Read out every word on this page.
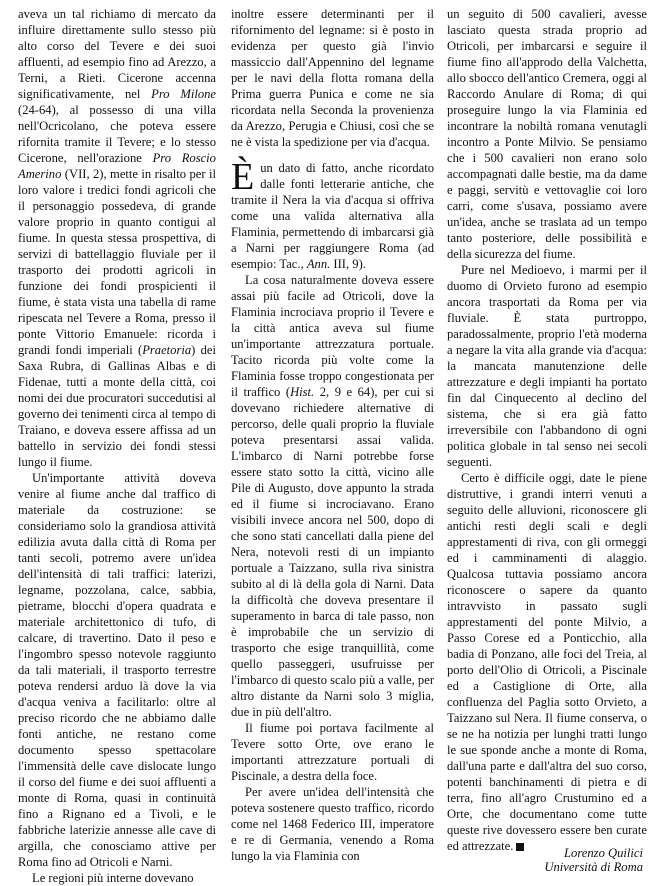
aveva un tal richiamo di mercato da influire direttamente sullo stesso più alto corso del Tevere e dei suoi affluenti, ad esempio fino ad Arezzo, a Terni, a Rieti. Cicerone accenna significativamente, nel Pro Milone (24-64), al possesso di una villa nell'Ocricolano, che poteva essere rifornita tramite il Tevere; e lo stesso Cicerone, nell'orazione Pro Roscio Amerino (VII, 2), mette in risalto per il loro valore i tredici fondi agricoli che il personaggio possedeva, di grande valore proprio in quanto contigui al fiume. In questa stessa prospettiva, di servizi di battellaggio fluviale per il trasporto dei prodotti agricoli in funzione dei fondi prospicienti il fiume, è stata vista una tabella di rame ripescata nel Tevere a Roma, presso il ponte Vittorio Emanuele: ricorda i grandi fondi imperiali (Praetoria) dei Saxa Rubra, di Gallinas Albas e di Fidenae, tutti a monte della città, coi nomi dei due procuratori succedutisi al governo dei tenimenti circa al tempo di Traiano, e doveva essere affissa ad un battello in servizio dei fondi stessi lungo il fiume.

Un'importante attività doveva venire al fiume anche dal traffico di materiale da costruzione: se consideriamo solo la grandiosa attività edilizia avuta dalla città di Roma per tanti secoli, potremo avere un'idea dell'intensità di tali traffici: laterizi, legname, pozzolana, calce, sabbia, pietrame, blocchi d'opera quadrata e materiale architettonico di tufo, di calcare, di travertino. Dato il peso e l'ingombro spesso notevole raggiunto da tali materiali, il trasporto terrestre poteva rendersi arduo là dove la via d'acqua veniva a facilitarlo: oltre al preciso ricordo che ne abbiamo dalle fonti antiche, ne restano come documento spesso spettacolare l'immensità delle cave dislocate lungo il corso del fiume e dei suoi affluenti a monte di Roma, quasi in continuità fino a Rignano ed a Tivoli, e le fabbriche laterizie annesse alle cave di argilla, che conosciamo attive per Roma fino ad Otricoli e Narni.

Le regioni più interne dovevano

inoltre essere determinanti per il rifornimento del legname: si è posto in evidenza per questo già l'invio massiccio dall'Appennino del legname per le navi della flotta romana della Prima guerra Punica e come ne sia ricordata nella Seconda la provenienza da Arezzo, Perugia e Chiusi, così che se ne è vista la spedizione per via d'acqua.

È un dato di fatto, anche ricordato dalle fonti letterarie antiche, che tramite il Nera la via d'acqua si offriva come una valida alternativa alla Flaminia, permettendo di imbarcarsi già a Narni per raggiungere Roma (ad esempio: Tac., Ann. III, 9).

La cosa naturalmente doveva essere assai più facile ad Otricoli, dove la Flaminia incrociava proprio il Tevere e la città antica aveva sul fiume un'importante attrezzatura portuale. Tacito ricorda più volte come la Flaminia fosse troppo congestionata per il traffico (Hist. 2, 9 e 64), per cui si dovevano richiedere alternative di percorso, delle quali proprio la fluviale poteva presentarsi assai valida. L'imbarco di Narni potrebbe forse essere stato sotto la città, vicino alle Pile di Augusto, dove appunto la strada ed il fiume si incrociavano. Erano visibili invece ancora nel 500, dopo di che sono stati cancellati dalla piene del Nera, notevoli resti di un impianto portuale a Taizzano, sulla riva sinistra subito al di là della gola di Narni. Data la difficoltà che doveva presentare il superamento in barca di tale passo, non è improbabile che un servizio di trasporto che esige tranquillità, come quello passeggeri, usufruisse per l'imbarco di questo scalo più a valle, per altro distante da Narni solo 3 miglia, due in più dell'altro.

Il fiume poi portava facilmente al Tevere sotto Orte, ove erano le importanti attrezzature portuali di Piscinale, a destra della foce.

Per avere un'idea dell'intensità che poteva sostenere questo traffico, ricordo come nel 1468 Federico III, imperatore e re di Germania, venendo a Roma lungo la via Flaminia con

un seguito di 500 cavalieri, avesse lasciato questa strada proprio ad Otricoli, per imbarcarsi e seguire il fiume fino all'approdo della Valchetta, allo sbocco dell'antico Cremera, oggi al Raccordo Anulare di Roma; di qui proseguire lungo la via Flaminia ed incontrare la nobiltà romana venutagli incontro a Ponte Milvio. Se pensiamo che i 500 cavalieri non erano solo accompagnati dalle bestie, ma da dame e paggi, servitù e vettovaglie coi loro carri, come s'usava, possiamo avere un'idea, anche se traslata ad un tempo tanto posteriore, delle possibilità e della sicurezza del fiume.

Pure nel Medioevo, i marmi per il duomo di Orvieto furono ad esempio ancora trasportati da Roma per via fluviale. È stata purtroppo, paradossalmente, proprio l'età moderna a negare la vita alla grande via d'acqua: la mancata manutenzione delle attrezzature e degli impianti ha portato fin dal Cinquecento al declino del sistema, che si era già fatto irreversibile con l'abbandono di ogni politica globale in tal senso nei secoli seguenti.

Certo è difficile oggi, date le piene distruttive, i grandi interri venuti a seguito delle alluvioni, riconoscere gli antichi resti degli scali e degli apprestamenti di riva, con gli ormeggi ed i camminamenti di alaggio. Qualcosa tuttavia possiamo ancora riconoscere o sapere da quanto intravvisto in passato sugli apprestamenti del ponte Milvio, a Passo Corese ed a Ponticchio, alla badia di Ponzano, alle foci del Treia, al porto dell'Olio di Otricoli, a Piscinale ed a Castiglione di Orte, alla confluenza del Paglia sotto Orvieto, a Taizzano sul Nera. Il fiume conserva, o se ne ha notizia per lunghi tratti lungo le sue sponde anche a monte di Roma, dall'una parte e dall'altra del suo corso, potenti banchinamenti di pietra e di terra, fino all'agro Crustumino ed a Orte, che documentano come tutte queste rive dovessero essere ben curate ed attrezzate.	Lorenzo Quilici
Università di Roma
